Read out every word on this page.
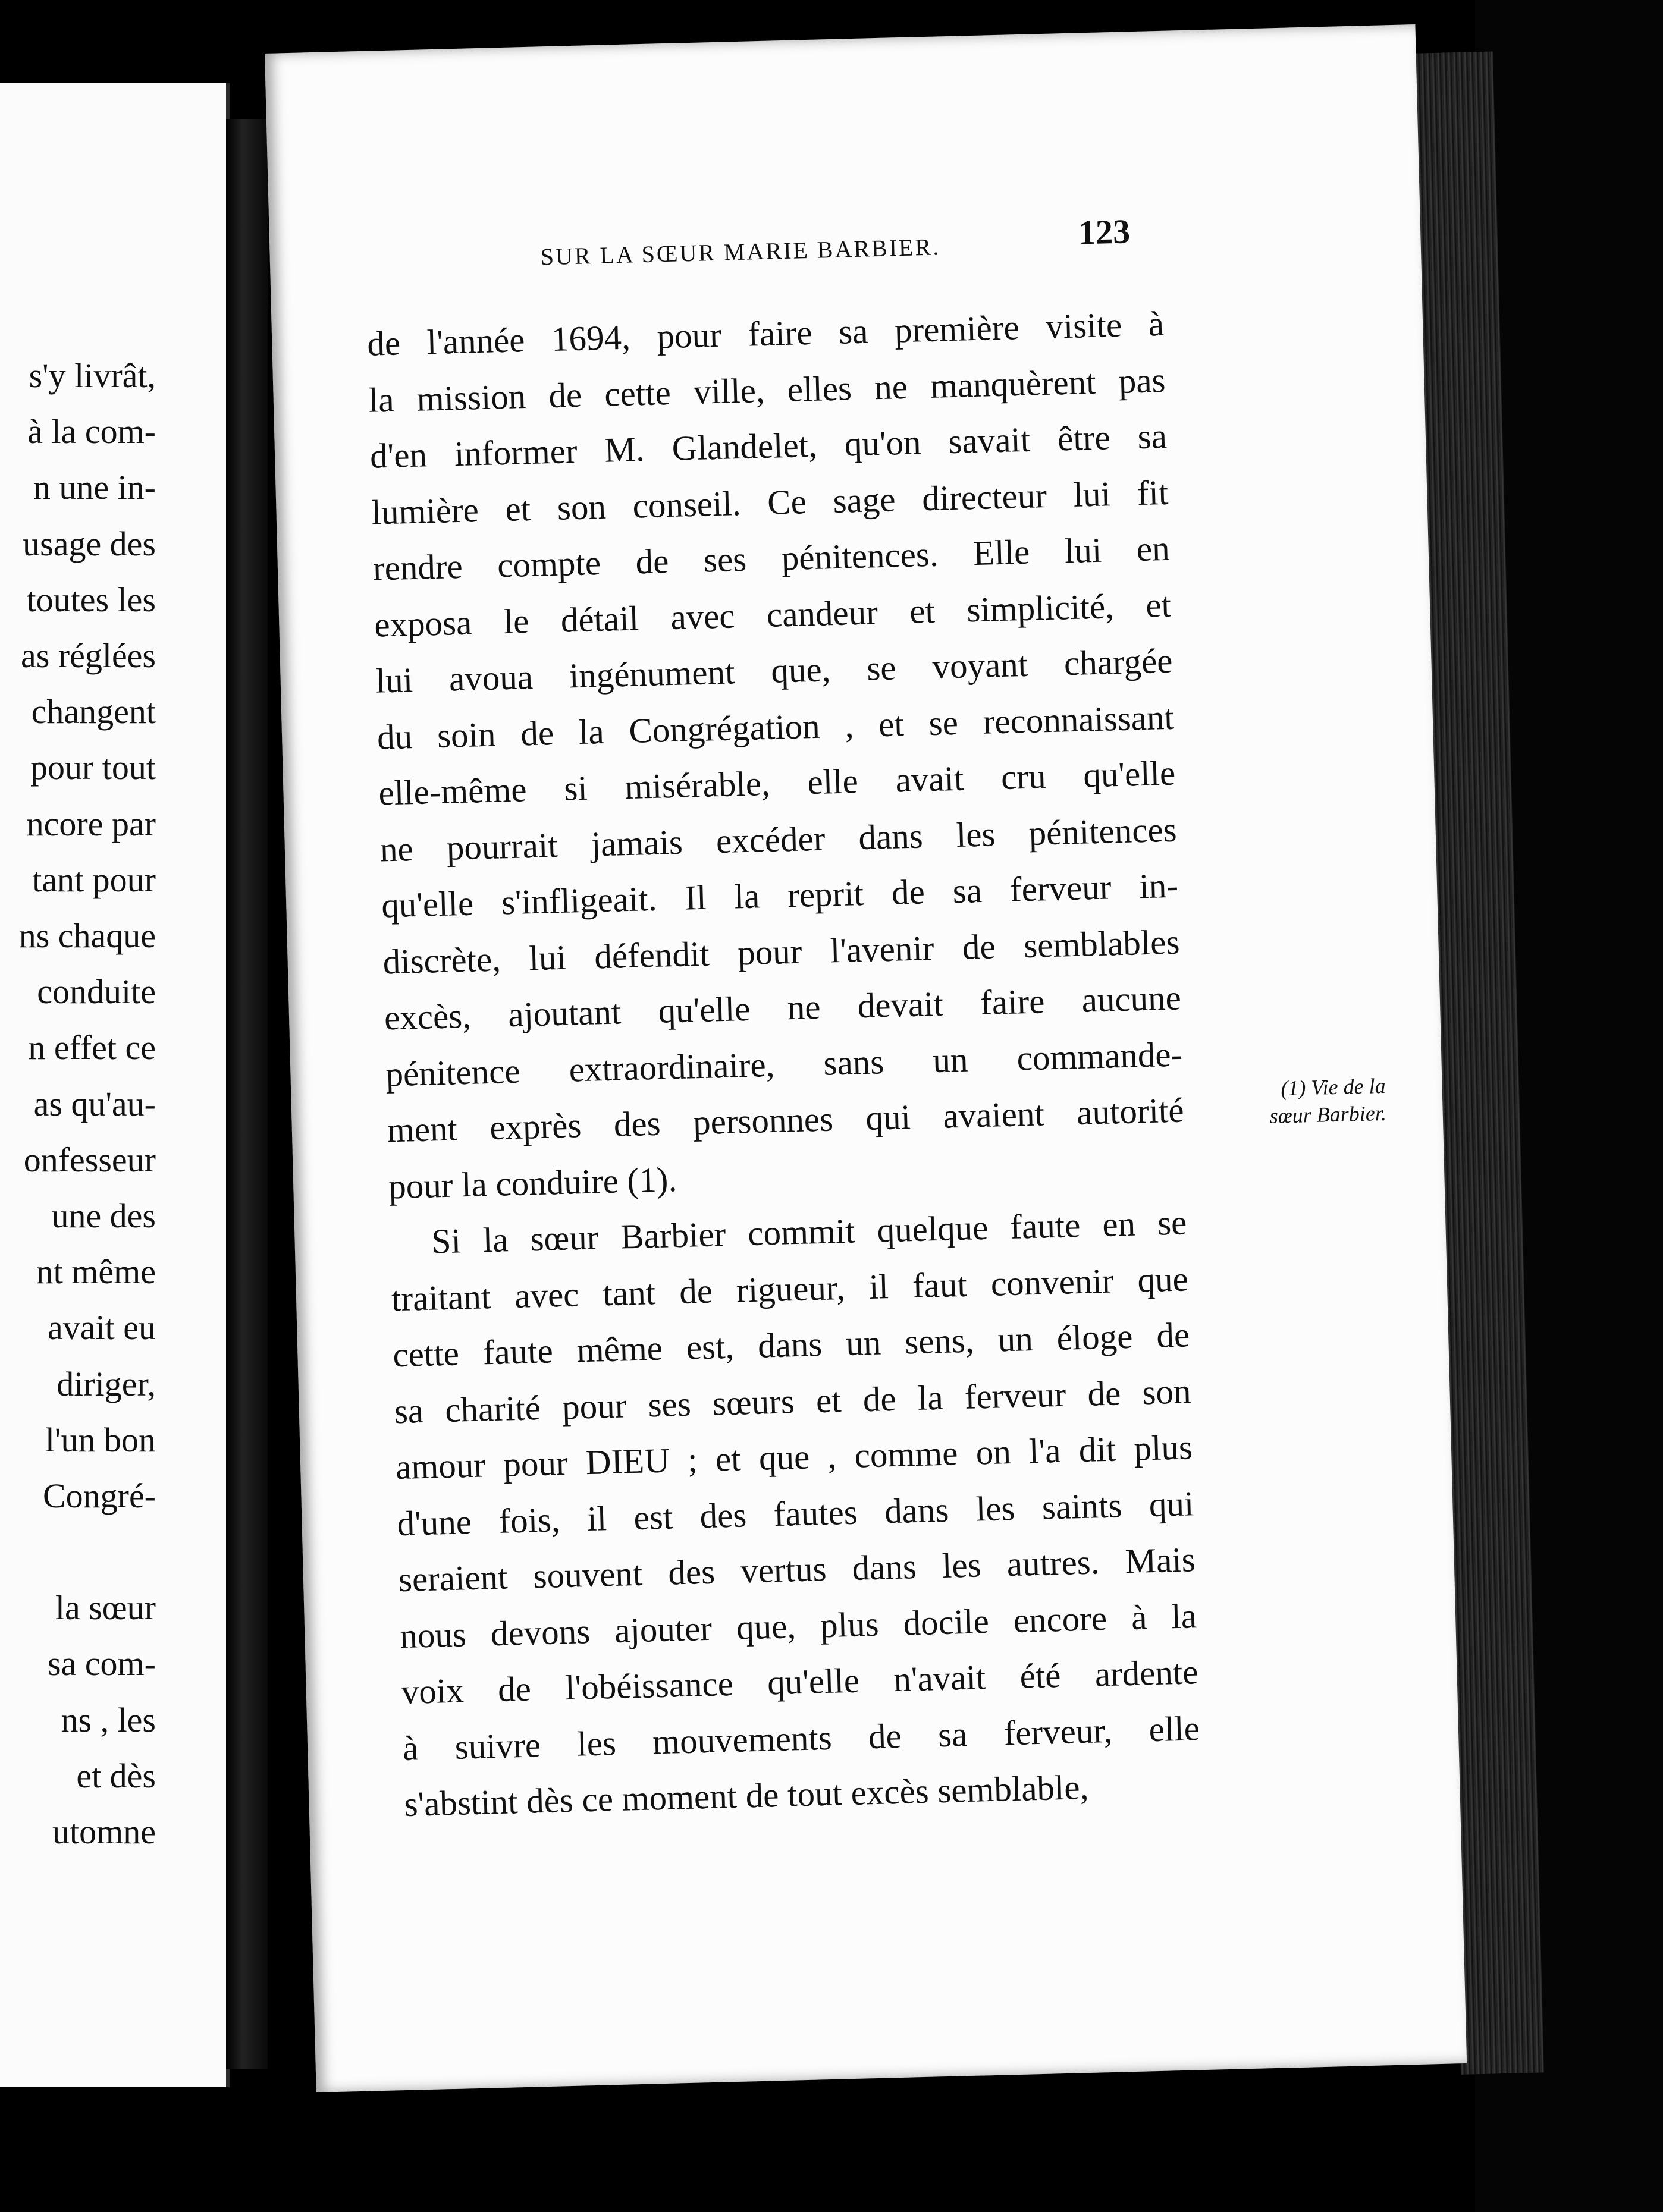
s'y livrât,
à la com-
n une in-
usage des
toutes les
as réglées
changent
pour tout
ncore par
tant pour
ns chaque
conduite
n effet ce
as qu'au-
onfesseur
une des
nt même
avait eu
diriger,
l'un bon
Congré-
la sœur
sa com-
ns , les
et dès
utomne
SUR LA SŒUR MARIE BARBIER.	123
de l'année 1694, pour faire sa première visite à
la mission de cette ville, elles ne manquèrent pas
d'en informer M. Glandelet, qu'on savait être sa
lumière et son conseil. Ce sage directeur lui fit
rendre compte de ses pénitences. Elle lui en
exposa le détail avec candeur et simplicité, et
lui avoua ingénument que, se voyant chargée
du soin de la Congrégation , et se reconnaissant
elle-même si misérable, elle avait cru qu'elle
ne pourrait jamais excéder dans les pénitences
qu'elle s'infligeait. Il la reprit de sa ferveur in-
discrète, lui défendit pour l'avenir de semblables
excès, ajoutant qu'elle ne devait faire aucune
pénitence extraordinaire, sans un commande-
ment exprès des personnes qui avaient autorité
pour la conduire (1).
Si la sœur Barbier commit quelque faute en se
traitant avec tant de rigueur, il faut convenir que
cette faute même est, dans un sens, un éloge de
sa charité pour ses sœurs et de la ferveur de son
amour pour DIEU ; et que , comme on l'a dit plus
d'une fois, il est des fautes dans les saints qui
seraient souvent des vertus dans les autres. Mais
nous devons ajouter que, plus docile encore à la
voix de l'obéissance qu'elle n'avait été ardente
à suivre les mouvements de sa ferveur, elle
s'abstint dès ce moment de tout excès semblable,
(1) Vie de la
sœur Barbier.
